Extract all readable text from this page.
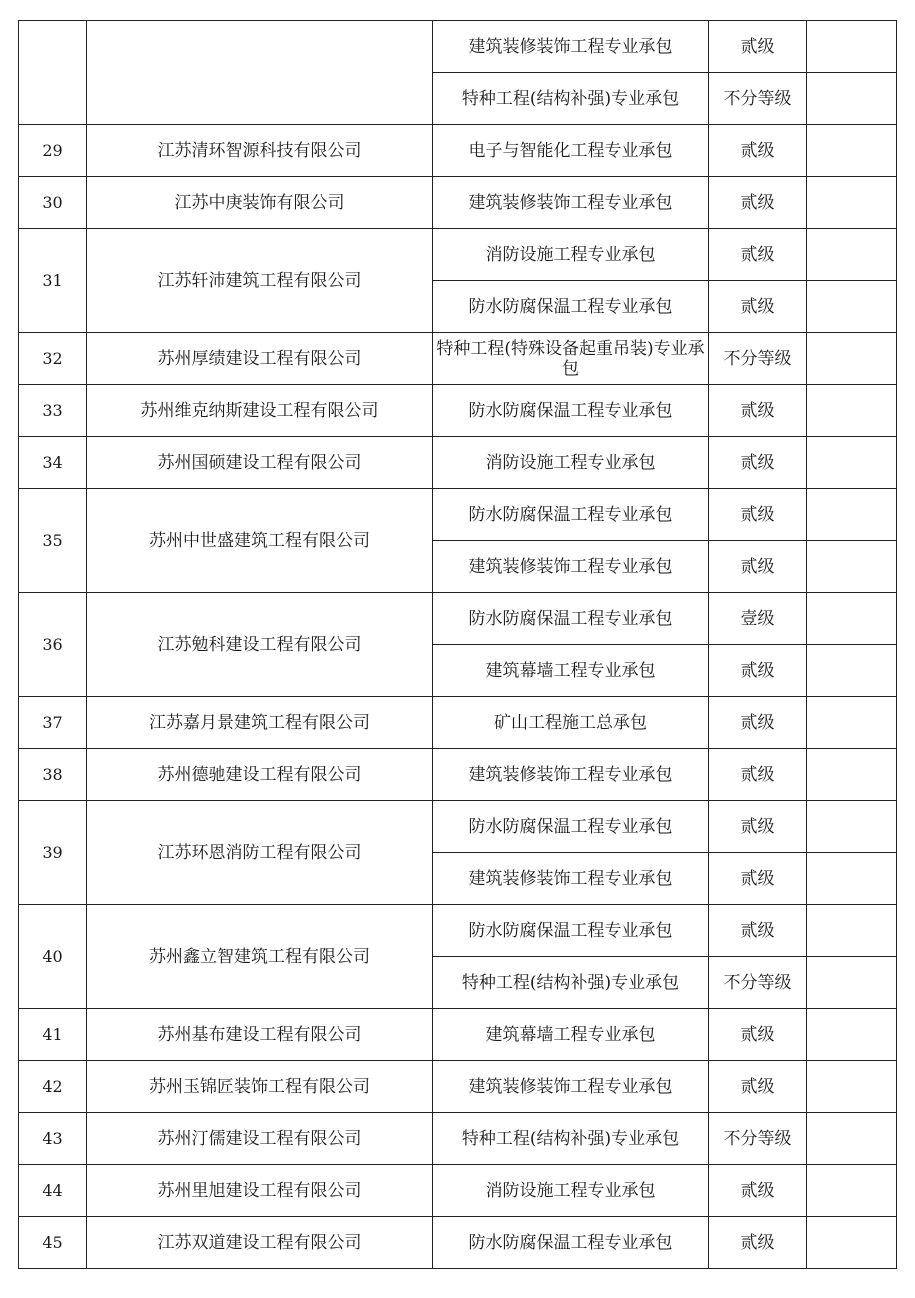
		建筑装修装饰工程专业承包	贰级	
		特种工程(结构补强)专业承包	不分等级	
29	江苏清环智源科技有限公司	电子与智能化工程专业承包	贰级	
30	江苏中庚装饰有限公司	建筑装修装饰工程专业承包	贰级	
31	江苏轩沛建筑工程有限公司	消防设施工程专业承包	贰级	
		防水防腐保温工程专业承包	贰级	
32	苏州厚绩建设工程有限公司	特种工程(特殊设备起重吊装)专业承包	不分等级	
33	苏州维克纳斯建设工程有限公司	防水防腐保温工程专业承包	贰级	
34	苏州国硕建设工程有限公司	消防设施工程专业承包	贰级	
35	苏州中世盛建筑工程有限公司	防水防腐保温工程专业承包	贰级	
		建筑装修装饰工程专业承包	贰级	
36	江苏勉科建设工程有限公司	防水防腐保温工程专业承包	壹级	
		建筑幕墙工程专业承包	贰级	
37	江苏嘉月景建筑工程有限公司	矿山工程施工总承包	贰级	
38	苏州德驰建设工程有限公司	建筑装修装饰工程专业承包	贰级	
39	江苏环恩消防工程有限公司	防水防腐保温工程专业承包	贰级	
		建筑装修装饰工程专业承包	贰级	
40	苏州鑫立智建筑工程有限公司	防水防腐保温工程专业承包	贰级	
		特种工程(结构补强)专业承包	不分等级	
41	苏州基布建设工程有限公司	建筑幕墙工程专业承包	贰级	
42	苏州玉锦匠装饰工程有限公司	建筑装修装饰工程专业承包	贰级	
43	苏州汀儒建设工程有限公司	特种工程(结构补强)专业承包	不分等级	
44	苏州里旭建设工程有限公司	消防设施工程专业承包	贰级	
45	江苏双道建设工程有限公司	防水防腐保温工程专业承包	贰级	
